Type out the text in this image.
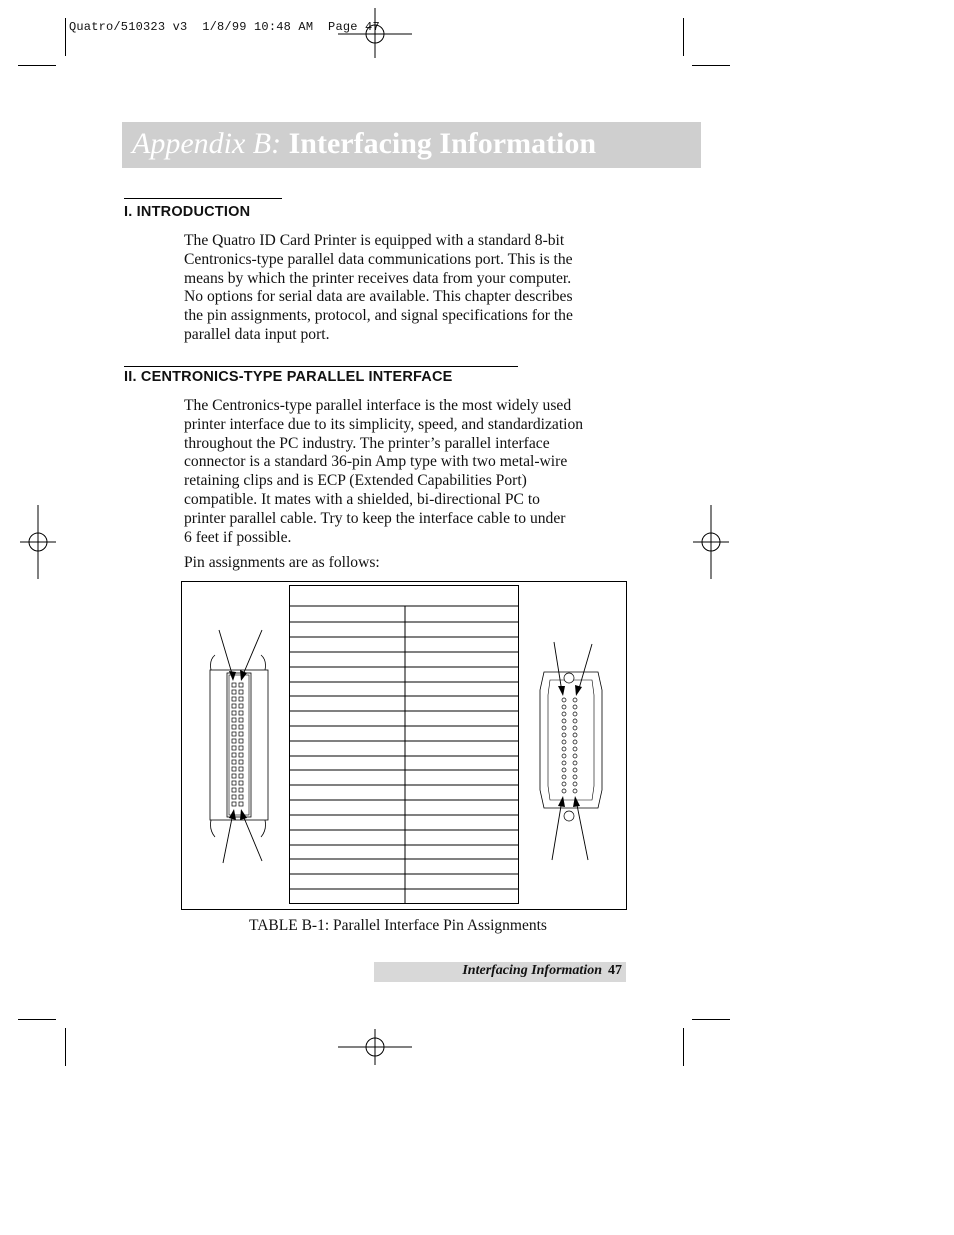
Quatro/510323 v3  1/8/99 10:48 AM  Page 47
Appendix B: Interfacing Information
I. INTRODUCTION
The Quatro ID Card Printer is equipped with a standard 8-bit
Centronics-type parallel data communications port. This is the
means by which the printer receives data from your computer.
No options for serial data are available. This chapter describes
the pin assignments, protocol, and signal specifications for the
parallel data input port.
II. CENTRONICS-TYPE PARALLEL INTERFACE
The Centronics-type parallel interface is the most widely used
printer interface due to its simplicity, speed, and standardization
throughout the PC industry. The printer’s parallel interface
connector is a standard 36-pin Amp type with two metal-wire
retaining clips and is ECP (Extended Capabilities Port)
compatible. It mates with a shielded, bi-directional PC to
printer parallel cable. Try to keep the interface cable to under
6 feet if possible.
Pin assignments are as follows:
TABLE B-1: Parallel Interface Pin Assignments
Interfacing Information 47
